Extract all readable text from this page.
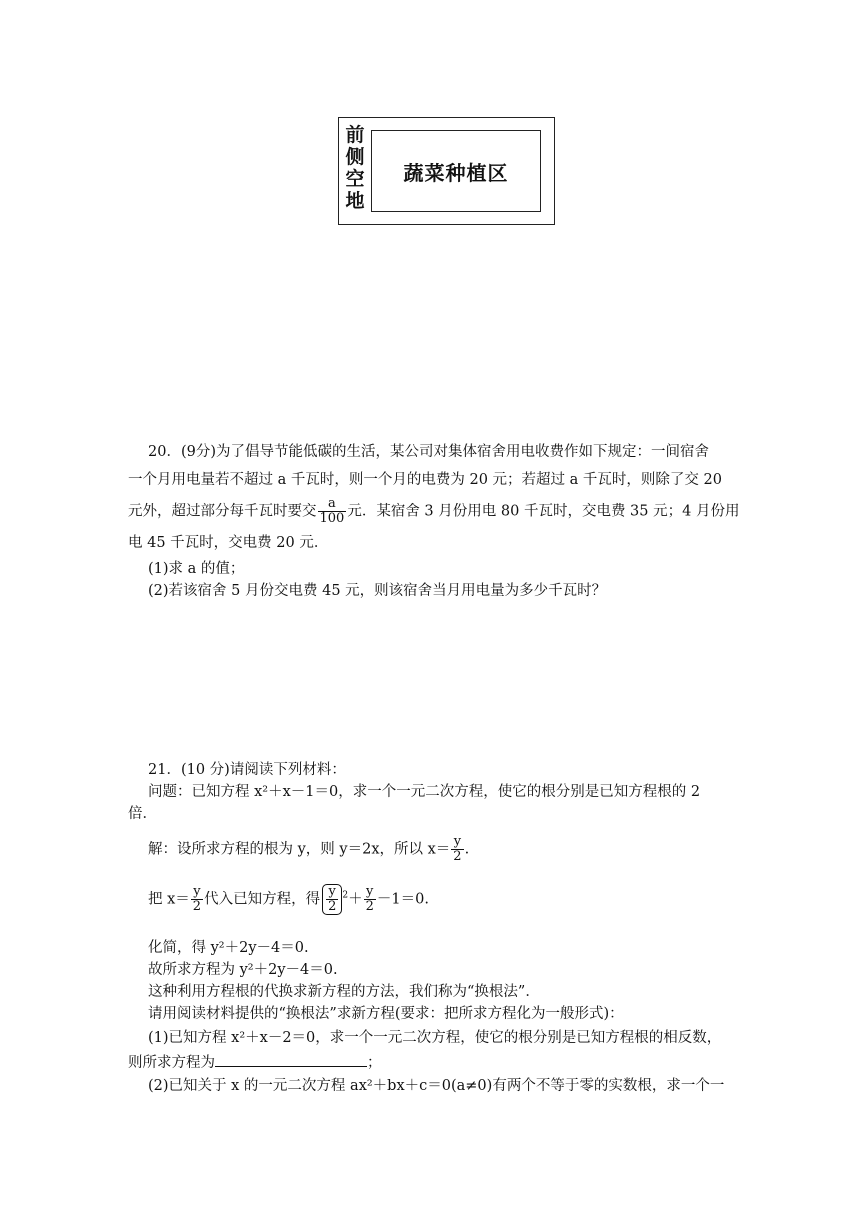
前侧空地
蔬菜种植区
20．(9分)为了倡导节能低碳的生活，某公司对集体宿舍用电收费作如下规定：一间宿舍
一个月用电量若不超过 a 千瓦时，则一个月的电费为 20 元；若超过 a 千瓦时，则除了交 20
元外，超过部分每千瓦时要交 $\frac{a}{100}$ 元．某宿舍 3 月份用电 80 千瓦时，交电费 35 元；4 月份用
电 45 千瓦时，交电费 20 元．
(1)求 a 的值；
(2)若该宿舍 5 月份交电费 45 元，则该宿舍当月用电量为多少千瓦时？
21．(10 分)请阅读下列材料：
问题：已知方程 x²＋x－1＝0，求一个一元二次方程，使它的根分别是已知方程根的 2
倍．
解：设所求方程的根为 y，则 y＝2x，所以 $x= \frac{y}{2}$ .
把 $x= \frac{y}{2}$ 代入已知方程，得 $\frac{y}{2} ^2+ \frac{y}{2} -1=0$.
化简，得 y²＋2y－4＝0.
故所求方程为 y²＋2y－4＝0.
这种利用方程根的代换求新方程的方法，我们称为“换根法”．
请用阅读材料提供的“换根法”求新方程(要求：把所求方程化为一般形式)：
(1)已知方程 x²＋x－2＝0，求一个一元二次方程，使它的根分别是已知方程根的相反数，
则所求方程为	；
(2)已知关于 x 的一元二次方程 ax²＋bx＋c＝0(a≠0)有两个不等于零的实数根，求一个一
